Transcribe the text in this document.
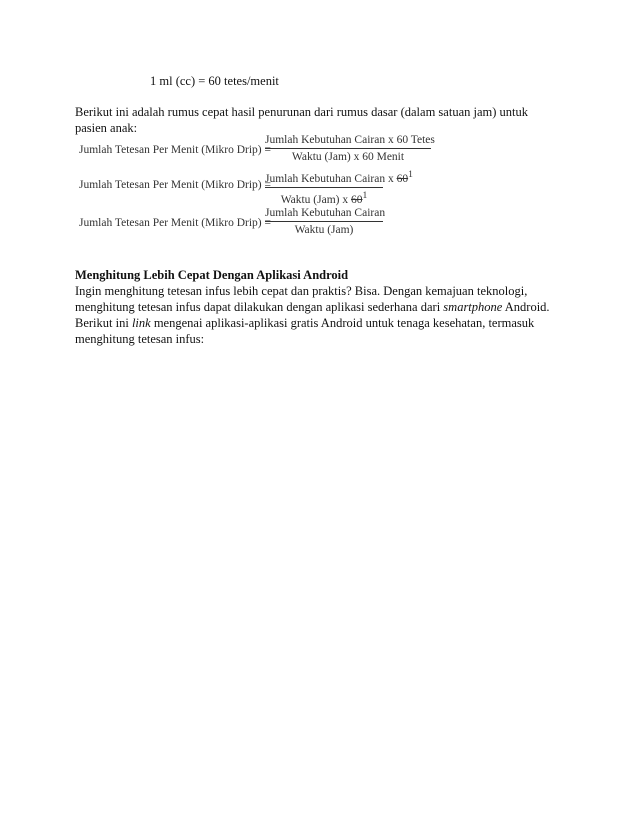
1 ml (cc) = 60 tetes/menit
Berikut ini adalah rumus cepat hasil penurunan dari rumus dasar (dalam satuan jam) untuk
pasien anak:
Jumlah Tetesan Per Menit (Mikro Drip) =
Jumlah Kebutuhan Cairan x 60 Tetes
Waktu (Jam) x 60 Menit
Jumlah Tetesan Per Menit (Mikro Drip) =
Jumlah Kebutuhan Cairan x $60^1$
Waktu (Jam) x $60^1$
Jumlah Tetesan Per Menit (Mikro Drip) =
Jumlah Kebutuhan Cairan
Waktu (Jam)
Menghitung Lebih Cepat Dengan Aplikasi Android
Ingin menghitung tetesan infus lebih cepat dan praktis? Bisa. Dengan kemajuan teknologi,
menghitung tetesan infus dapat dilakukan dengan aplikasi sederhana dari smartphone Android.
Berikut ini link mengenai aplikasi-aplikasi gratis Android untuk tenaga kesehatan, termasuk
menghitung tetesan infus:
